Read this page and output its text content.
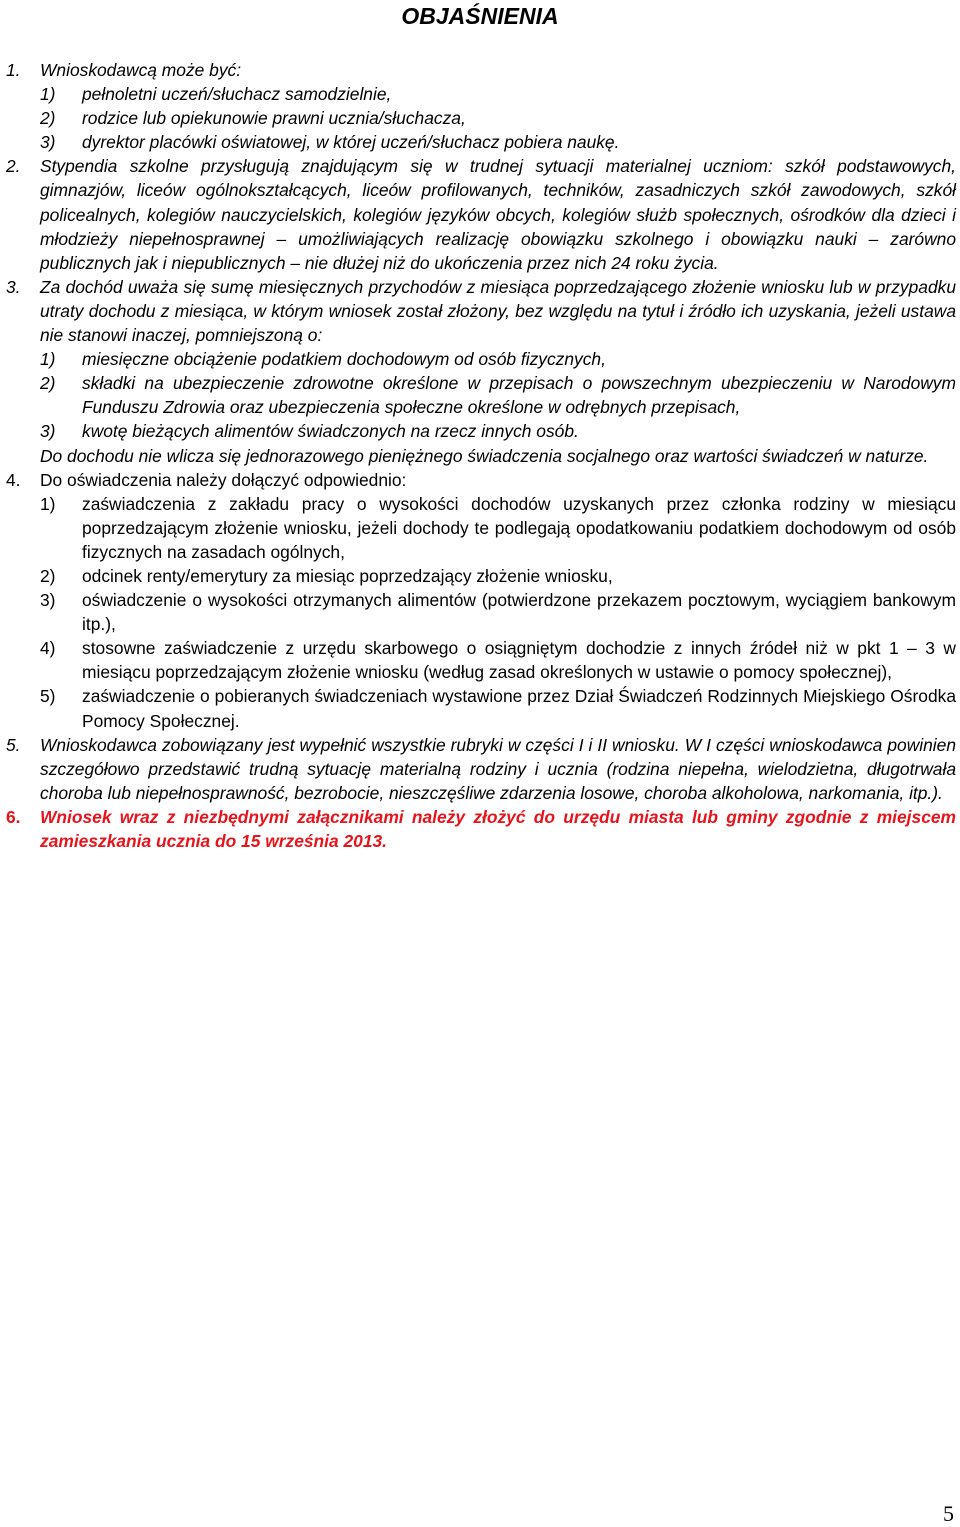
OBJAŚNIENIA
1.	Wnioskodawcą może być:
1) pełnoletni uczeń/słuchacz samodzielnie,
2) rodzice lub opiekunowie prawni ucznia/słuchacza,
3) dyrektor placówki oświatowej, w której uczeń/słuchacz pobiera naukę.
2.	Stypendia szkolne przysługują znajdującym się w trudnej sytuacji materialnej uczniom: szkół podstawowych, gimnazjów, liceów ogólnokształcących, liceów profilowanych, techników, zasadniczych szkół zawodowych, szkół policealnych, kolegiów nauczycielskich, kolegiów języków obcych, kolegiów służb społecznych, ośrodków dla dzieci i młodzieży niepełnosprawnej – umożliwiających realizację obowiązku szkolnego i obowiązku nauki – zarówno publicznych jak i niepublicznych – nie dłużej niż do ukończenia przez nich 24 roku życia.
3.	Za dochód uważa się sumę miesięcznych przychodów z miesiąca poprzedzającego złożenie wniosku lub w przypadku utraty dochodu z miesiąca, w którym wniosek został złożony, bez względu na tytuł i źródło ich uzyskania, jeżeli ustawa nie stanowi inaczej, pomniejszoną o:
1) miesięczne obciążenie podatkiem dochodowym od osób fizycznych,
2) składki na ubezpieczenie zdrowotne określone w przepisach o powszechnym ubezpieczeniu w Narodowym Funduszu Zdrowia oraz ubezpieczenia społeczne określone w odrębnych przepisach,
3) kwotę bieżących alimentów świadczonych na rzecz innych osób.
Do dochodu nie wlicza się jednorazowego pieniężnego świadczenia socjalnego oraz wartości świadczeń w naturze.
4.	Do oświadczenia należy dołączyć odpowiednio:
1) zaświadczenia z zakładu pracy o wysokości dochodów uzyskanych przez członka rodziny w miesiącu poprzedzającym złożenie wniosku, jeżeli dochody te podlegają opodatkowaniu podatkiem dochodowym od osób fizycznych na zasadach ogólnych,
2) odcinek renty/emerytury za miesiąc poprzedzający złożenie wniosku,
3) oświadczenie o wysokości otrzymanych alimentów (potwierdzone przekazem pocztowym, wyciągiem bankowym itp.),
4) stosowne zaświadczenie z urzędu skarbowego o osiągniętym dochodzie z innych źródeł niż w pkt 1 – 3 w miesiącu poprzedzającym złożenie wniosku (według zasad określonych w ustawie o pomocy społecznej),
5) zaświadczenie o pobieranych świadczeniach wystawione przez Dział Świadczeń Rodzinnych Miejskiego Ośrodka Pomocy Społecznej.
5.	Wnioskodawca zobowiązany jest wypełnić wszystkie rubryki w części I i II wniosku. W I części wnioskodawca powinien szczegółowo przedstawić trudną sytuację materialną rodziny i ucznia (rodzina niepełna, wielodzietna, długotrwała choroba lub niepełnosprawność, bezrobocie, nieszczęśliwe zdarzenia losowe, choroba alkoholowa, narkomania, itp.).
6.	Wniosek wraz z niezbędnymi załącznikami należy złożyć do urzędu miasta lub gminy zgodnie z miejscem zamieszkania ucznia do 15 września 2013.
5
